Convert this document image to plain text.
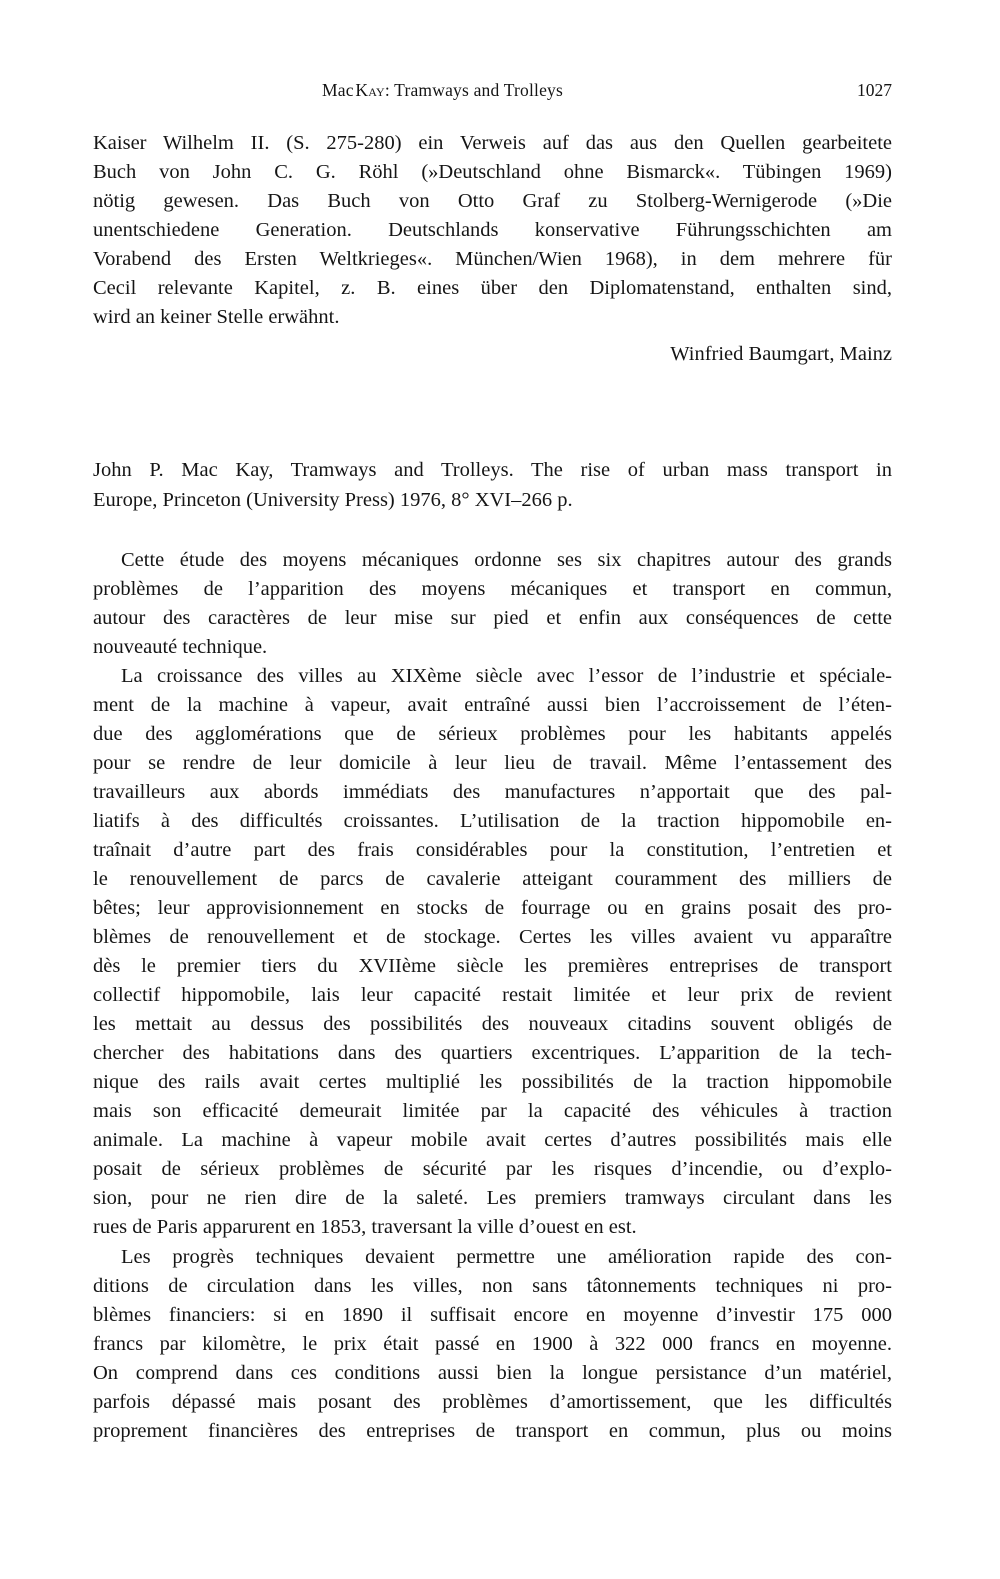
Mac Kay: Tramways and Trolleys	1027
Kaiser Wilhelm II. (S. 275-280) ein Verweis auf das aus den Quellen gearbeitete
Buch von John C. G. Röhl (»Deutschland ohne Bismarck«. Tübingen 1969)
nötig gewesen. Das Buch von Otto Graf zu Stolberg-Wernigerode (»Die
unentschiedene Generation. Deutschlands konservative Führungsschichten am
Vorabend des Ersten Weltkrieges«. München/Wien 1968), in dem mehrere für
Cecil relevante Kapitel, z. B. eines über den Diplomatenstand, enthalten sind,
wird an keiner Stelle erwähnt.
Winfried Baumgart, Mainz
John P. Mac Kay, Tramways and Trolleys. The rise of urban mass transport in
Europe, Princeton (University Press) 1976, 8° XVI–266 p.
Cette étude des moyens mécaniques ordonne ses six chapitres autour des grands
problèmes de l’apparition des moyens mécaniques et transport en commun,
autour des caractères de leur mise sur pied et enfin aux conséquences de cette
nouveauté technique.
La croissance des villes au XIXème siècle avec l’essor de l’industrie et spéciale-
ment de la machine à vapeur, avait entraîné aussi bien l’accroissement de l’éten-
due des agglomérations que de sérieux problèmes pour les habitants appelés
pour se rendre de leur domicile à leur lieu de travail. Même l’entassement des
travailleurs aux abords immédiats des manufactures n’apportait que des pal-
liatifs à des difficultés croissantes. L’utilisation de la traction hippomobile en-
traînait d’autre part des frais considérables pour la constitution, l’entretien et
le renouvellement de parcs de cavalerie atteigant couramment des milliers de
bêtes; leur approvisionnement en stocks de fourrage ou en grains posait des pro-
blèmes de renouvellement et de stockage. Certes les villes avaient vu apparaître
dès le premier tiers du XVIIème siècle les premières entreprises de transport
collectif hippomobile, lais leur capacité restait limitée et leur prix de revient
les mettait au dessus des possibilités des nouveaux citadins souvent obligés de
chercher des habitations dans des quartiers excentriques. L’apparition de la tech-
nique des rails avait certes multiplié les possibilités de la traction hippomobile
mais son efficacité demeurait limitée par la capacité des véhicules à traction
animale. La machine à vapeur mobile avait certes d’autres possibilités mais elle
posait de sérieux problèmes de sécurité par les risques d’incendie, ou d’explo-
sion, pour ne rien dire de la saleté. Les premiers tramways circulant dans les
rues de Paris apparurent en 1853, traversant la ville d’ouest en est.
Les progrès techniques devaient permettre une amélioration rapide des con-
ditions de circulation dans les villes, non sans tâtonnements techniques ni pro-
blèmes financiers: si en 1890 il suffisait encore en moyenne d’investir 175 000
francs par kilomètre, le prix était passé en 1900 à 322 000 francs en moyenne.
On comprend dans ces conditions aussi bien la longue persistance d’un matériel,
parfois dépassé mais posant des problèmes d’amortissement, que les difficultés
proprement financières des entreprises de transport en commun, plus ou moins
